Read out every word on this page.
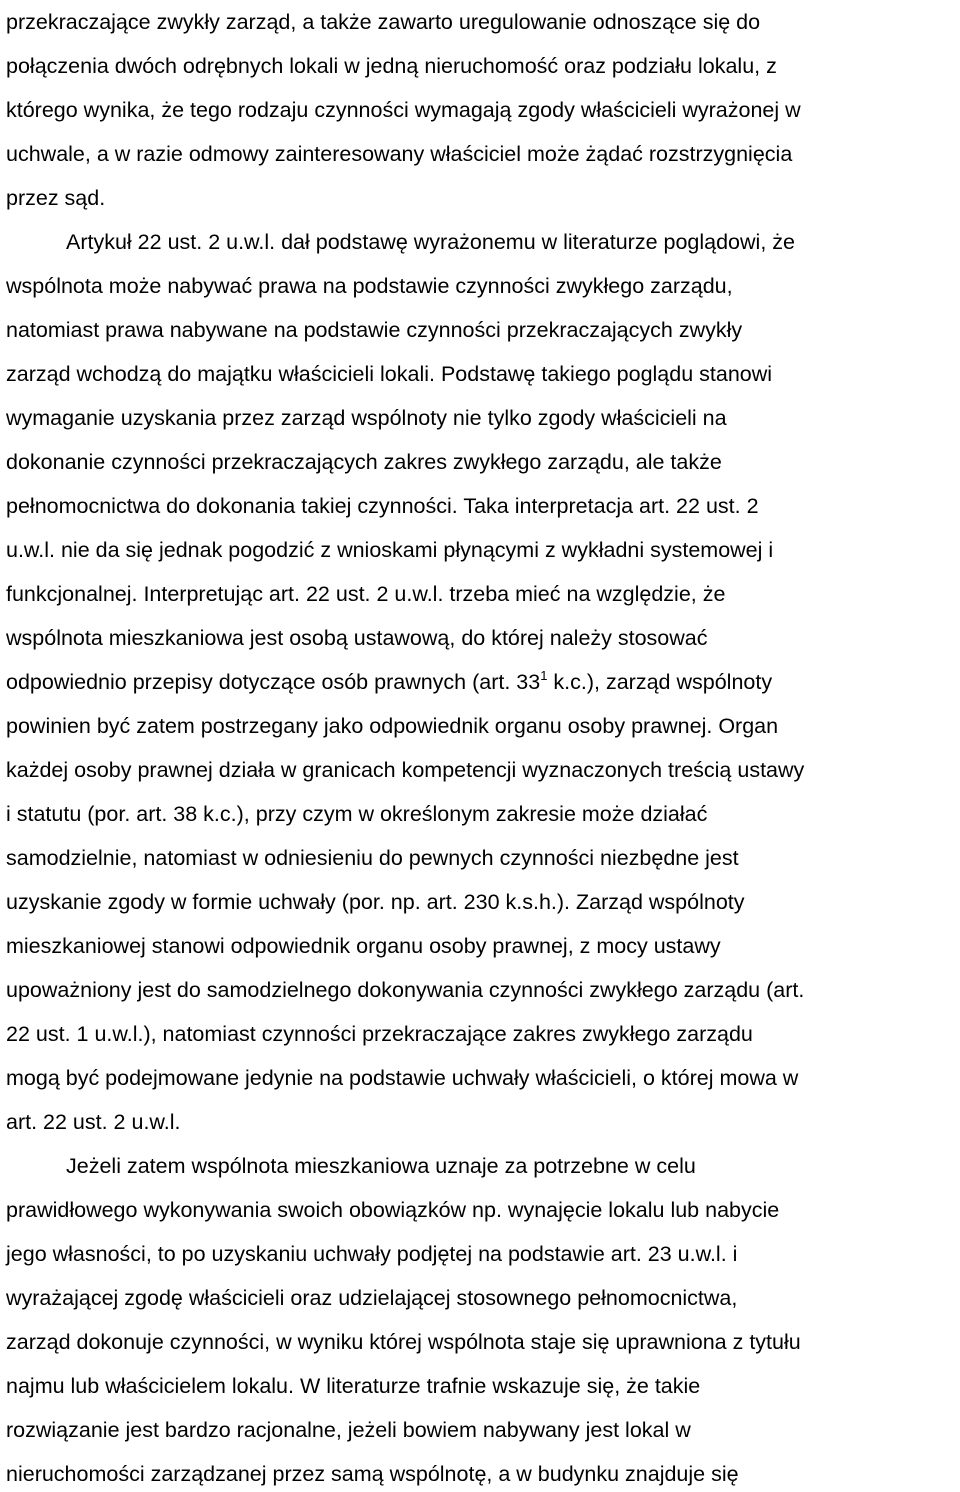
przekraczające zwykły zarząd, a także zawarto uregulowanie odnoszące się do
połączenia dwóch odrębnych lokali w jedną nieruchomość oraz podziału lokalu, z
którego wynika, że tego rodzaju czynności wymagają zgody właścicieli wyrażonej w
uchwale, a w razie odmowy zainteresowany właściciel może żądać rozstrzygnięcia
przez sąd.
Artykuł 22 ust. 2 u.w.l. dał podstawę wyrażonemu w literaturze poglądowi, że
wspólnota może nabywać prawa na podstawie czynności zwykłego zarządu,
natomiast prawa nabywane na podstawie czynności przekraczających zwykły
zarząd wchodzą do majątku właścicieli lokali. Podstawę takiego poglądu stanowi
wymaganie uzyskania przez zarząd wspólnoty nie tylko zgody właścicieli na
dokonanie czynności przekraczających zakres zwykłego zarządu, ale także
pełnomocnictwa do dokonania takiej czynności. Taka interpretacja art. 22 ust. 2
u.w.l. nie da się jednak pogodzić z wnioskami płynącymi z wykładni systemowej i
funkcjonalnej. Interpretując art. 22 ust. 2 u.w.l. trzeba mieć na względzie, że
wspólnota mieszkaniowa jest osobą ustawową, do której należy stosować
odpowiednio przepisy dotyczące osób prawnych (art. $33^1$ k.c.), zarząd wspólnoty
powinien być zatem postrzegany jako odpowiednik organu osoby prawnej. Organ
każdej osoby prawnej działa w granicach kompetencji wyznaczonych treścią ustawy
i statutu (por. art. 38 k.c.), przy czym w określonym zakresie może działać
samodzielnie, natomiast w odniesieniu do pewnych czynności niezbędne jest
uzyskanie zgody w formie uchwały (por. np. art. 230 k.s.h.). Zarząd wspólnoty
mieszkaniowej stanowi odpowiednik organu osoby prawnej, z mocy ustawy
upoważniony jest do samodzielnego dokonywania czynności zwykłego zarządu (art.
22 ust. 1 u.w.l.), natomiast czynności przekraczające zakres zwykłego zarządu
mogą być podejmowane jedynie na podstawie uchwały właścicieli, o której mowa w
art. 22 ust. 2 u.w.l.
Jeżeli zatem wspólnota mieszkaniowa uznaje za potrzebne w celu
prawidłowego wykonywania swoich obowiązków np. wynajęcie lokalu lub nabycie
jego własności, to po uzyskaniu uchwały podjętej na podstawie art. 23 u.w.l. i
wyrażającej zgodę właścicieli oraz udzielającej stosownego pełnomocnictwa,
zarząd dokonuje czynności, w wyniku której wspólnota staje się uprawniona z tytułu
najmu lub właścicielem lokalu. W literaturze trafnie wskazuje się, że takie
rozwiązanie jest bardzo racjonalne, jeżeli bowiem nabywany jest lokal w
nieruchomości zarządzanej przez samą wspólnotę, a w budynku znajduje się
